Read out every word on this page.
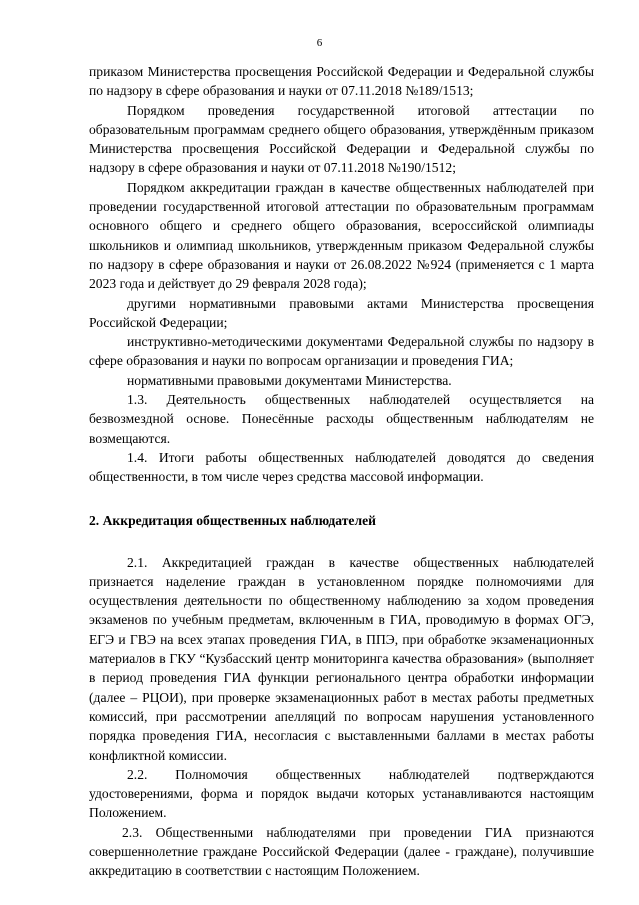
6
приказом Министерства просвещения Российской Федерации и Федеральной службы по надзору в сфере образования и науки от 07.11.2018 №189/1513;
Порядком проведения государственной итоговой аттестации по образовательным программам среднего общего образования, утверждённым приказом Министерства просвещения Российской Федерации и Федеральной службы по надзору в сфере образования и науки от 07.11.2018 №190/1512;
Порядком аккредитации граждан в качестве общественных наблюдателей при проведении государственной итоговой аттестации по образовательным программам основного общего и среднего общего образования, всероссийской олимпиады школьников и олимпиад школьников, утвержденным приказом Федеральной службы по надзору в сфере образования и науки от 26.08.2022 №924 (применяется с 1 марта 2023 года и действует до 29 февраля 2028 года);
другими нормативными правовыми актами Министерства просвещения Российской Федерации;
инструктивно-методическими документами Федеральной службы по надзору в сфере образования и науки по вопросам организации и проведения ГИА;
нормативными правовыми документами Министерства.
1.3. Деятельность общественных наблюдателей осуществляется на безвозмездной основе. Понесённые расходы общественным наблюдателям не возмещаются.
1.4. Итоги работы общественных наблюдателей доводятся до сведения общественности, в том числе через средства массовой информации.
2. Аккредитация общественных наблюдателей
2.1. Аккредитацией граждан в качестве общественных наблюдателей признается наделение граждан в установленном порядке полномочиями для осуществления деятельности по общественному наблюдению за ходом проведения экзаменов по учебным предметам, включенным в ГИА, проводимую в формах ОГЭ, ЕГЭ и ГВЭ на всех этапах проведения ГИА, в ППЭ, при обработке экзаменационных материалов в ГКУ “Кузбасский центр мониторинга качества образования» (выполняет в период проведения ГИА функции регионального центра обработки информации (далее – РЦОИ), при проверке экзаменационных работ в местах работы предметных комиссий, при рассмотрении апелляций по вопросам нарушения установленного порядка проведения ГИА, несогласия с выставленными баллами в местах работы конфликтной комиссии.
2.2. Полномочия общественных наблюдателей подтверждаются удостоверениями, форма и порядок выдачи которых устанавливаются настоящим Положением.
2.3. Общественными наблюдателями при проведении ГИА признаются совершеннолетние граждане Российской Федерации (далее - граждане), получившие аккредитацию в соответствии с настоящим Положением.
